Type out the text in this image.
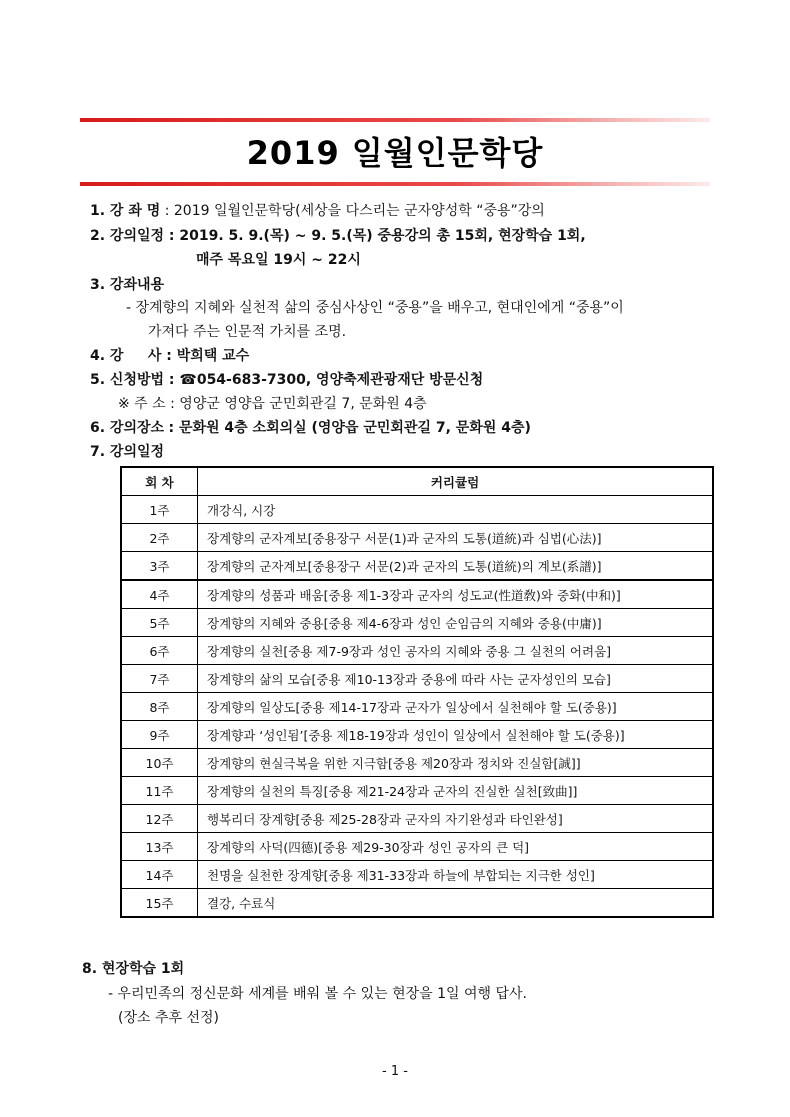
2019 일월인문학당
1. 강 좌 명 : 2019 일월인문학당(세상을 다스리는 군자양성학 “중용”강의
2. 강의일정 : 2019. 5. 9.(목) ~ 9. 5.(목) 중용강의 총 15회, 현장학습 1회,
매주 목요일 19시 ~ 22시
3. 강좌내용
- 장계향의 지혜와 실천적 삶의 중심사상인 “중용”을 배우고, 현대인에게 “중용”이
가져다 주는 인문적 가치를 조명.
4. 강     사 : 박희택 교수
5. 신청방법 : ☎054-683-7300, 영양축제관광재단 방문신청
※ 주 소 : 영양군 영양읍 군민회관길 7, 문화원 4층
6. 강의장소 : 문화원 4층 소회의실 (영양읍 군민회관길 7, 문화원 4층)
7. 강의일정
회 차	커리큘럼
1주	개강식, 시강
2주	장계향의 군자계보[중용장구 서문(1)과 군자의 도통(道統)과 심법(心法)]
3주	장계향의 군자계보[중용장구 서문(2)과 군자의 도통(道統)의 계보(系譜)]
4주	장계향의 성품과 배움[중용 제1-3장과 군자의 성도교(性道敎)와 중화(中和)]
5주	장계향의 지혜와 중용[중용 제4-6장과 성인 순임금의 지혜와 중용(中庸)]
6주	장계향의 실천[중용 제7-9장과 성인 공자의 지혜와 중용 그 실천의 어려움]
7주	장계향의 삶의 모습[중용 제10-13장과 중용에 따라 사는 군자성인의 모습]
8주	장계향의 일상도[중용 제14-17장과 군자가 일상에서 실천해야 할 도(중용)]
9주	장계향과 ‘성인됨’[중용 제18-19장과 성인이 일상에서 실천해야 할 도(중용)]
10주	장계향의 현실극복을 위한 지극함[중용 제20장과 정치와 진실함[誠]]
11주	장계향의 실천의 특징[중용 제21-24장과 군자의 진실한 실천[致曲]]
12주	행복리더 장계향[중용 제25-28장과 군자의 자기완성과 타인완성]
13주	장계향의 사덕(四德)[중용 제29-30장과 성인 공자의 큰 덕]
14주	천명을 실천한 장계향[중용 제31-33장과 하늘에 부합되는 지극한 성인]
15주	결강, 수료식
8. 현장학습 1회
- 우리민족의 정신문화 세계를 배워 볼 수 있는 현장을 1일 여행 답사.
(장소 추후 선정)
- 1 -
